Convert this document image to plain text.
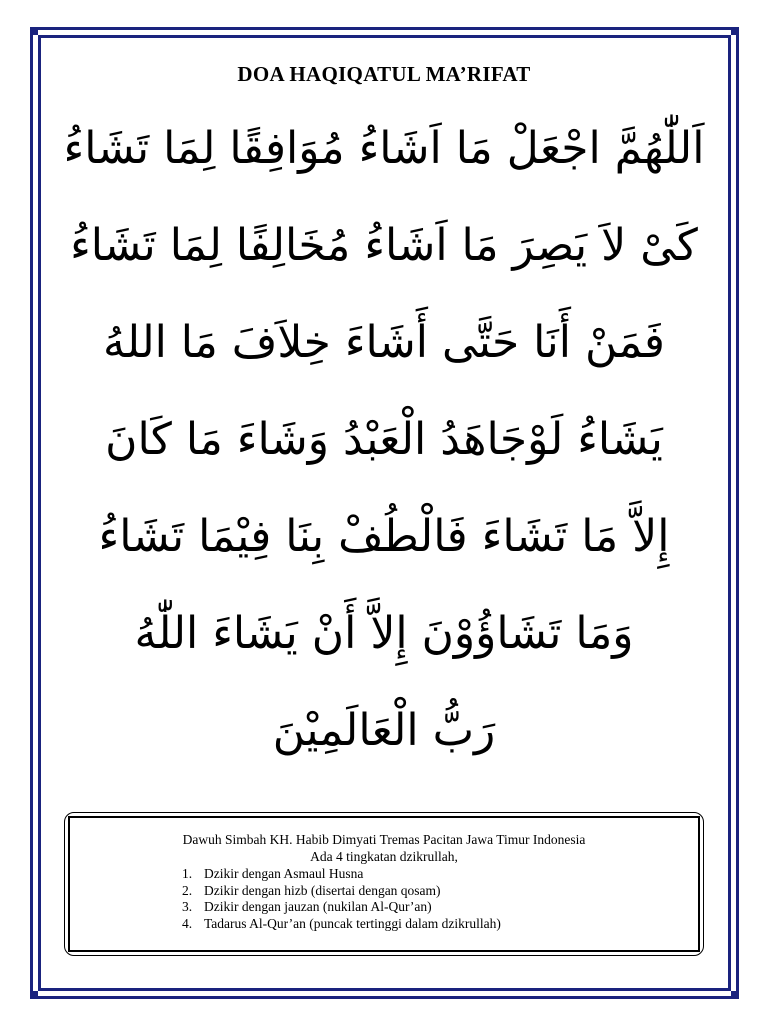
DOA HAQIQATUL MA’RIFAT
اَللّٰهُمَّ اجْعَلْ مَا اَشَاءُ مُوَافِقًا لِمَا تَشَاءُ
كَىْ لاَ يَصِرَ مَا اَشَاءُ مُخَالِفًا لِمَا تَشَاءُ
فَمَنْ أَنَا حَتَّى أَشَاءَ خِلاَفَ مَا اللهُ
يَشَاءُ لَوْجَاهَدُ الْعَبْدُ وَشَاءَ مَا كَانَ
إِلاَّ مَا تَشَاءَ فَالْطُفْ بِنَا فِيْمَا تَشَاءُ
وَمَا تَشَاؤُوْنَ إِلاَّ أَنْ يَشَاءَ اللّٰهُ
رَبُّ الْعَالَمِيْنَ
Dawuh Simbah KH. Habib Dimyati Tremas Pacitan Jawa Timur Indonesia
Ada 4 tingkatan dzikrullah,
1. Dzikir dengan Asmaul Husna
2. Dzikir dengan hizb (disertai dengan qosam)
3. Dzikir dengan jauzan (nukilan Al-Qur’an)
4. Tadarus Al-Qur’an (puncak tertinggi dalam dzikrullah)
